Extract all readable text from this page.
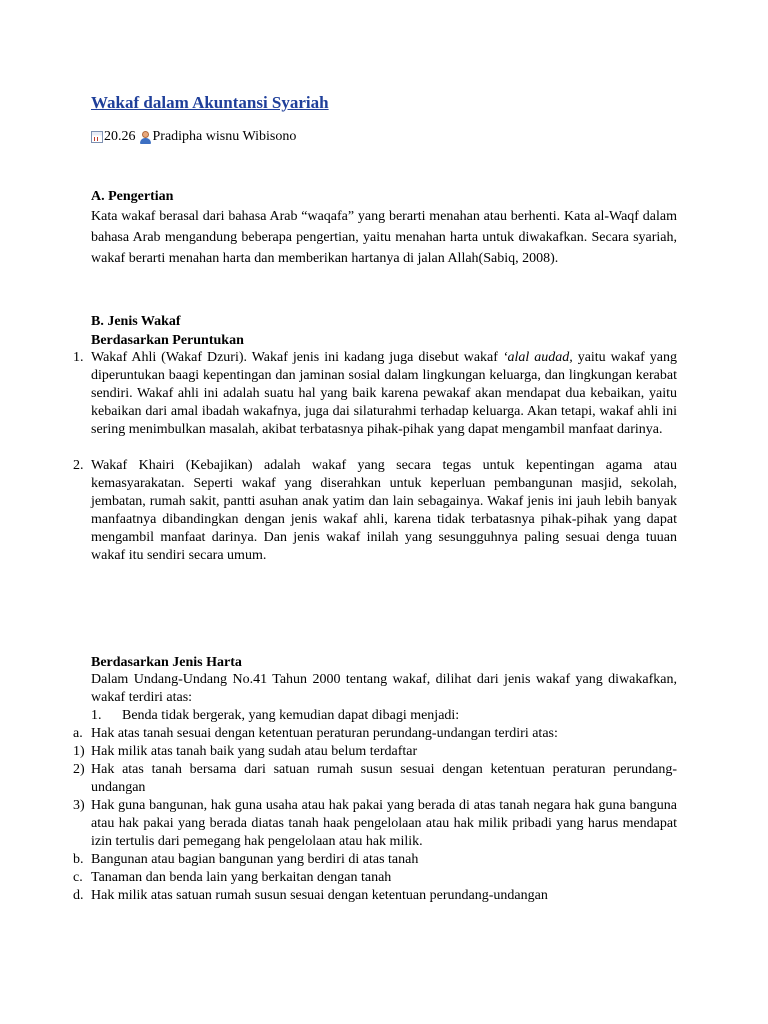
Wakaf dalam Akuntansi Syariah
20.26 Pradipha wisnu Wibisono
A. Pengertian
Kata wakaf berasal dari bahasa Arab “waqafa” yang berarti menahan atau berhenti. Kata al-Waqf dalam bahasa Arab mengandung beberapa pengertian, yaitu menahan harta untuk diwakafkan. Secara syariah, wakaf berarti menahan harta dan memberikan hartanya di jalan Allah(Sabiq, 2008).
B. Jenis Wakaf
Berdasarkan Peruntukan
1. Wakaf Ahli (Wakaf Dzuri). Wakaf jenis ini kadang juga disebut wakaf ‘alal audad, yaitu wakaf yang diperuntukan baagi kepentingan dan jaminan sosial dalam lingkungan keluarga, dan lingkungan kerabat sendiri. Wakaf ahli ini adalah suatu hal yang baik karena pewakaf akan mendapat dua kebaikan, yaitu kebaikan dari amal ibadah wakafnya, juga dai silaturahmi terhadap keluarga. Akan tetapi, wakaf ahli ini sering menimbulkan masalah, akibat terbatasnya pihak-pihak yang dapat mengambil manfaat darinya.
2. Wakaf Khairi (Kebajikan) adalah wakaf yang secara tegas untuk kepentingan agama atau kemasyarakatan. Seperti wakaf yang diserahkan untuk keperluan pembangunan masjid, sekolah, jembatan, rumah sakit, pantti asuhan anak yatim dan lain sebagainya. Wakaf jenis ini jauh lebih banyak manfaatnya dibandingkan dengan jenis wakaf ahli, karena tidak terbatasnya pihak-pihak yang dapat mengambil manfaat darinya. Dan jenis wakaf inilah yang sesungguhnya paling sesuai denga tuuan wakaf itu sendiri secara umum.
Berdasarkan Jenis Harta
Dalam Undang-Undang No.41 Tahun 2000 tentang wakaf, dilihat dari jenis wakaf yang diwakafkan, wakaf terdiri atas:
1. Benda tidak bergerak, yang kemudian dapat dibagi menjadi:
a. Hak atas tanah sesuai dengan ketentuan peraturan perundang-undangan terdiri atas:
1) Hak milik atas tanah baik yang sudah atau belum terdaftar
2) Hak atas tanah bersama dari satuan rumah susun sesuai dengan ketentuan peraturan perundang-undangan
3) Hak guna bangunan, hak guna usaha atau hak pakai yang berada di atas tanah negara hak guna banguna atau hak pakai yang berada diatas tanah haak pengelolaan atau hak milik pribadi yang harus mendapat izin tertulis dari pemegang hak pengelolaan atau hak milik.
b. Bangunan atau bagian bangunan yang berdiri di atas tanah
c. Tanaman dan benda lain yang berkaitan dengan tanah
d. Hak milik atas satuan rumah susun sesuai dengan ketentuan perundang-undangan
